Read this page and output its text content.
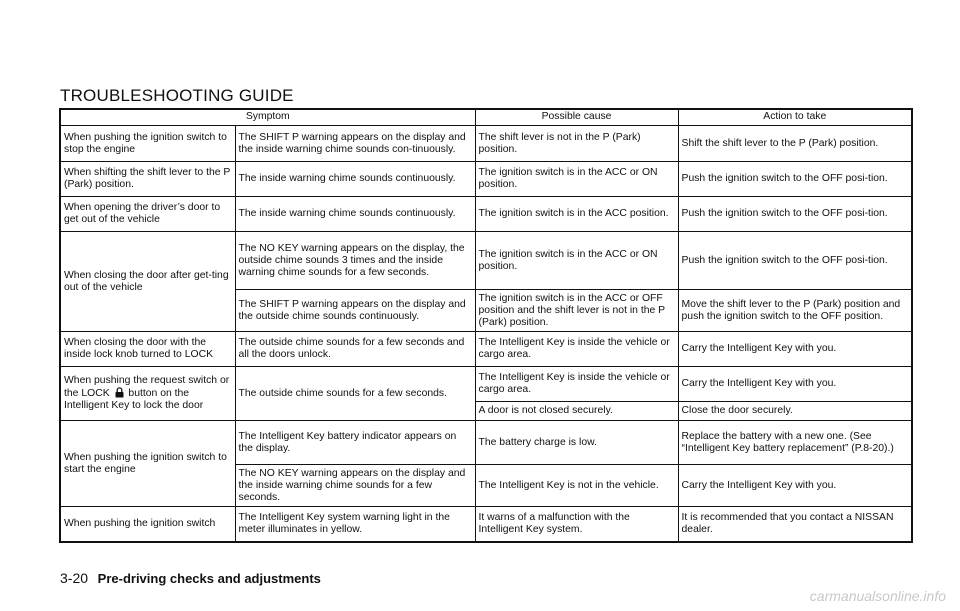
TROUBLESHOOTING GUIDE
Symptom		Possible cause	Action to take
When pushing the ignition switch to stop the engine	The SHIFT P warning appears on the display and the inside warning chime sounds con-tinuously.	The shift lever is not in the P (Park) position.	Shift the shift lever to the P (Park) position.
When shifting the shift lever to the P (Park) position.	The inside warning chime sounds continuously.	The ignition switch is in the ACC or ON position.	Push the ignition switch to the OFF posi-tion.
When opening the driver’s door to get out of the vehicle	The inside warning chime sounds continuously.	The ignition switch is in the ACC position.	Push the ignition switch to the OFF posi-tion.
When closing the door after get-ting out of the vehicle	The NO KEY warning appears on the display, the outside chime sounds 3 times and the inside warning chime sounds for a few seconds.	The ignition switch is in the ACC or ON position.	Push the ignition switch to the OFF posi-tion.
	The SHIFT P warning appears on the display and the outside chime sounds continuously.	The ignition switch is in the ACC or OFF position and the shift lever is not in the P (Park) position.	Move the shift lever to the P (Park) position and push the ignition switch to the OFF position.
When closing the door with the inside lock knob turned to LOCK	The outside chime sounds for a few seconds and all the doors unlock.	The Intelligent Key is inside the vehicle or cargo area.	Carry the Intelligent Key with you.
When pushing the request switch or the LOCK button on the Intelligent Key to lock the door	The outside chime sounds for a few seconds.	The Intelligent Key is inside the vehicle or cargo area.	Carry the Intelligent Key with you.
		A door is not closed securely.	Close the door securely.
When pushing the ignition switch to start the engine	The Intelligent Key battery indicator appears on the display.	The battery charge is low.	Replace the battery with a new one. (See “Intelligent Key battery replacement” (P.8-20).)
	The NO KEY warning appears on the display and the inside warning chime sounds for a few seconds.	The Intelligent Key is not in the vehicle.	Carry the Intelligent Key with you.
When pushing the ignition switch	The Intelligent Key system warning light in the meter illuminates in yellow.	It warns of a malfunction with the Intelligent Key system.	It is recommended that you contact a NISSAN dealer.
3-20 Pre-driving checks and adjustments
carmanualsonline.info
